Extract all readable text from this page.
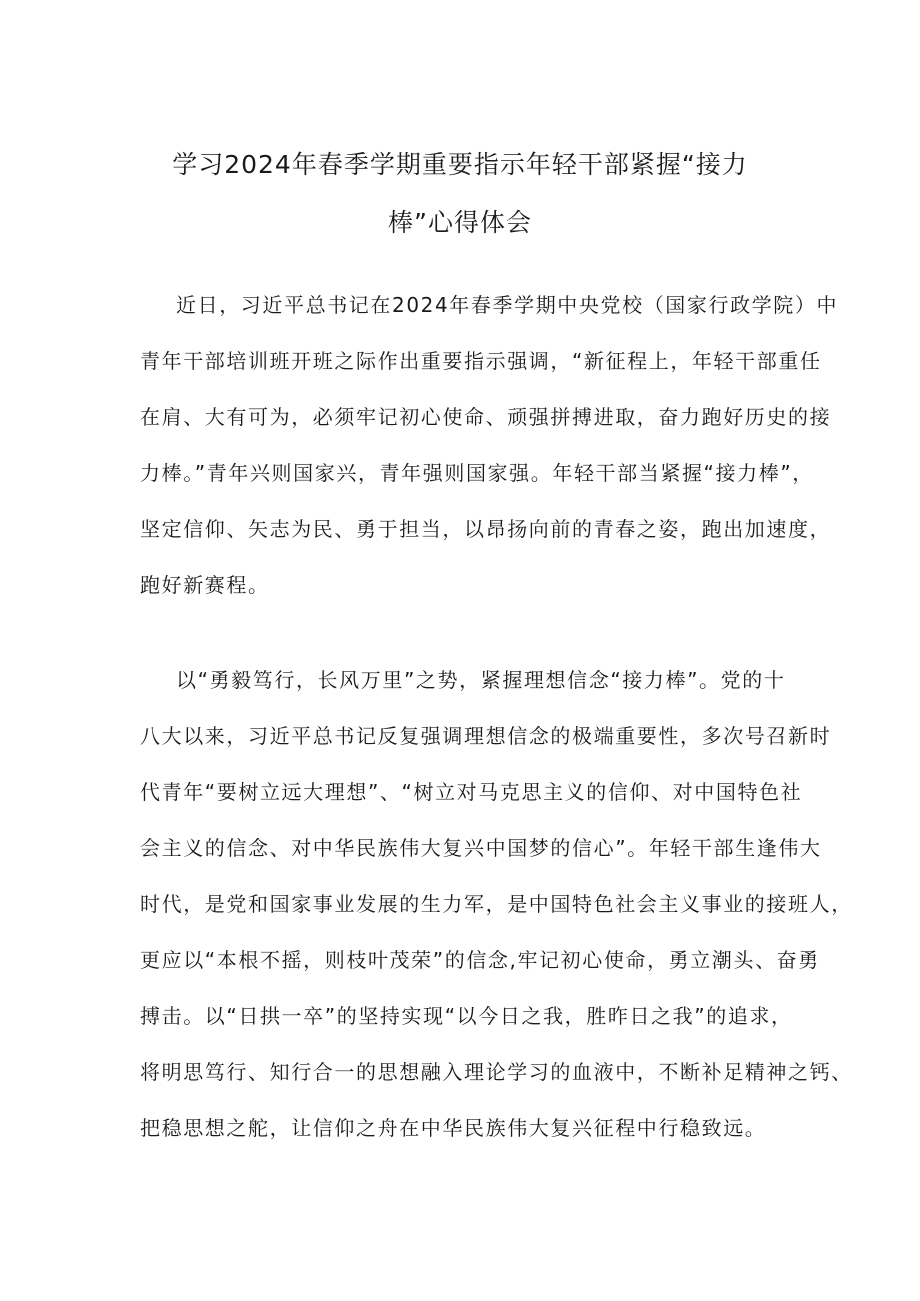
学习2024年春季学期重要指示年轻干部紧握“接力
棒”心得体会
近日，习近平总书记在2024年春季学期中央党校（国家行政学院）中
青年干部培训班开班之际作出重要指示强调，“新征程上，年轻干部重任
在肩、大有可为，必须牢记初心使命、顽强拼搏进取，奋力跑好历史的接
力棒。”青年兴则国家兴，青年强则国家强。年轻干部当紧握“接力棒”，
坚定信仰、矢志为民、勇于担当，以昂扬向前的青春之姿，跑出加速度，
跑好新赛程。
以“勇毅笃行，长风万里”之势，紧握理想信念“接力棒”。党的十
八大以来，习近平总书记反复强调理想信念的极端重要性，多次号召新时
代青年“要树立远大理想”、“树立对马克思主义的信仰、对中国特色社
会主义的信念、对中华民族伟大复兴中国梦的信心”。年轻干部生逢伟大
时代，是党和国家事业发展的生力军，是中国特色社会主义事业的接班人，
更应以“本根不摇，则枝叶茂荣”的信念,牢记初心使命，勇立潮头、奋勇
搏击。以“日拱一卒”的坚持实现“以今日之我，胜昨日之我”的追求，
将明思笃行、知行合一的思想融入理论学习的血液中，不断补足精神之钙、
把稳思想之舵，让信仰之舟在中华民族伟大复兴征程中行稳致远。
